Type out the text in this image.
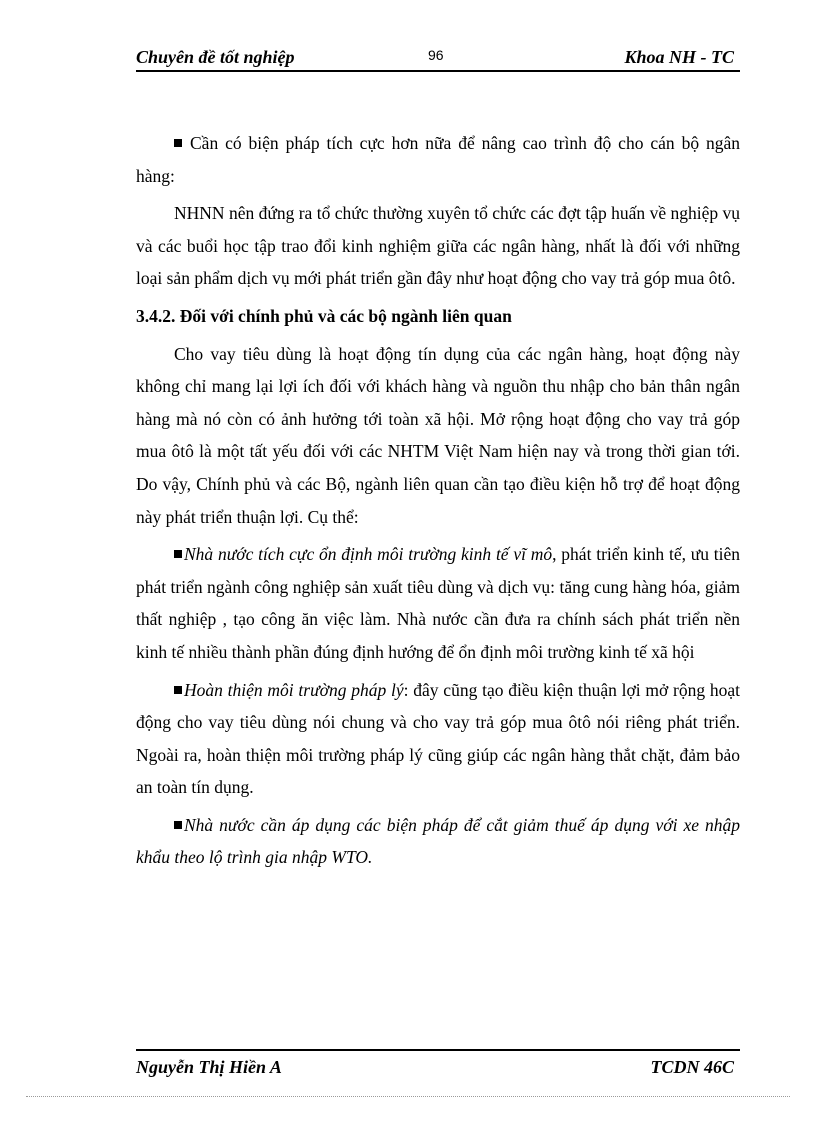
Chuyên đề tốt nghiệp	96	Khoa NH - TC

Cần có biện pháp tích cực hơn nữa để nâng cao trình độ cho cán bộ ngân hàng:

NHNN nên đứng ra tổ chức thường xuyên tổ chức các đợt tập huấn về nghiệp vụ và các buổi học tập trao đổi kinh nghiệm giữa các ngân hàng, nhất là đối với những loại sản phẩm dịch vụ mới phát triển gần đây như hoạt động cho vay trả góp mua ôtô.

3.4.2. Đối với chính phủ và các bộ ngành liên quan

Cho vay tiêu dùng là hoạt động tín dụng của các ngân hàng, hoạt động này không chỉ mang lại lợi ích đối với khách hàng và nguồn thu nhập cho bản thân ngân hàng mà nó còn có ảnh hưởng tới toàn xã hội. Mở rộng hoạt động cho vay trả góp mua ôtô là một tất yếu đối với các NHTM Việt Nam hiện nay và trong thời gian tới. Do vậy, Chính phủ và các Bộ, ngành liên quan cần tạo điều kiện hỗ trợ để hoạt động này phát triển thuận lợi. Cụ thể:

Nhà nước tích cực ổn định môi trường kinh tế vĩ mô, phát triển kinh tế, ưu tiên phát triển ngành công nghiệp sản xuất tiêu dùng và dịch vụ: tăng cung hàng hóa, giảm thất nghiệp , tạo công ăn việc làm. Nhà nước cần đưa ra chính sách phát triển nền kinh tế nhiều thành phần đúng định hướng để ổn định môi trường kinh tế xã hội

Hoàn thiện môi trường pháp lý: đây cũng tạo điều kiện thuận lợi mở rộng hoạt động cho vay tiêu dùng nói chung và cho vay trả góp mua ôtô nói riêng phát triển. Ngoài ra, hoàn thiện môi trường pháp lý cũng giúp các ngân hàng thắt chặt, đảm bảo an toàn tín dụng.

Nhà nước cần áp dụng các biện pháp để cắt giảm thuế áp dụng với xe nhập khẩu theo lộ trình gia nhập WTO.

Nguyễn Thị Hiền A	TCDN 46C
